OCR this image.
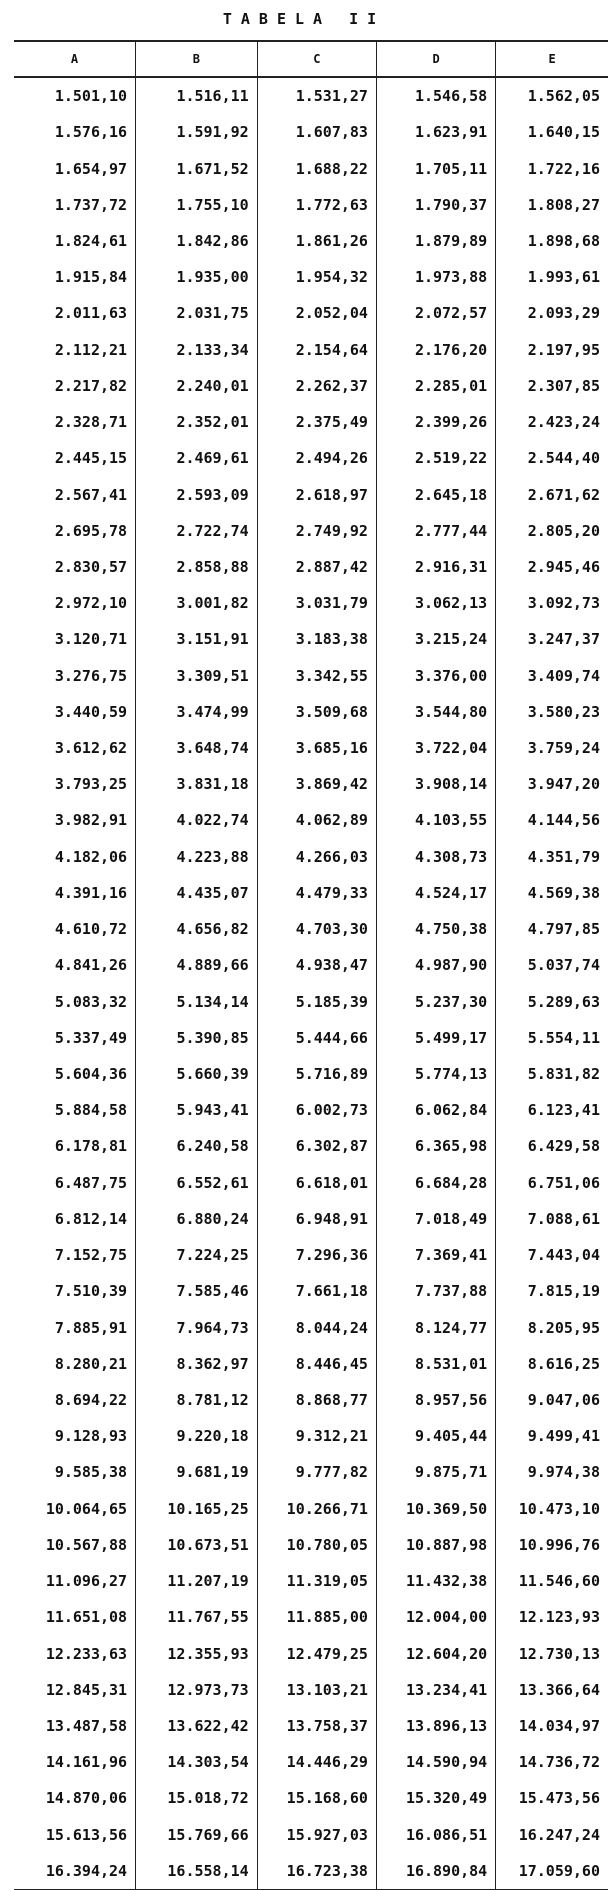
TABELA II
A	B	C	D	E
1.501,10	1.516,11	1.531,27	1.546,58	1.562,05
1.576,16	1.591,92	1.607,83	1.623,91	1.640,15
1.654,97	1.671,52	1.688,22	1.705,11	1.722,16
1.737,72	1.755,10	1.772,63	1.790,37	1.808,27
1.824,61	1.842,86	1.861,26	1.879,89	1.898,68
1.915,84	1.935,00	1.954,32	1.973,88	1.993,61
2.011,63	2.031,75	2.052,04	2.072,57	2.093,29
2.112,21	2.133,34	2.154,64	2.176,20	2.197,95
2.217,82	2.240,01	2.262,37	2.285,01	2.307,85
2.328,71	2.352,01	2.375,49	2.399,26	2.423,24
2.445,15	2.469,61	2.494,26	2.519,22	2.544,40
2.567,41	2.593,09	2.618,97	2.645,18	2.671,62
2.695,78	2.722,74	2.749,92	2.777,44	2.805,20
2.830,57	2.858,88	2.887,42	2.916,31	2.945,46
2.972,10	3.001,82	3.031,79	3.062,13	3.092,73
3.120,71	3.151,91	3.183,38	3.215,24	3.247,37
3.276,75	3.309,51	3.342,55	3.376,00	3.409,74
3.440,59	3.474,99	3.509,68	3.544,80	3.580,23
3.612,62	3.648,74	3.685,16	3.722,04	3.759,24
3.793,25	3.831,18	3.869,42	3.908,14	3.947,20
3.982,91	4.022,74	4.062,89	4.103,55	4.144,56
4.182,06	4.223,88	4.266,03	4.308,73	4.351,79
4.391,16	4.435,07	4.479,33	4.524,17	4.569,38
4.610,72	4.656,82	4.703,30	4.750,38	4.797,85
4.841,26	4.889,66	4.938,47	4.987,90	5.037,74
5.083,32	5.134,14	5.185,39	5.237,30	5.289,63
5.337,49	5.390,85	5.444,66	5.499,17	5.554,11
5.604,36	5.660,39	5.716,89	5.774,13	5.831,82
5.884,58	5.943,41	6.002,73	6.062,84	6.123,41
6.178,81	6.240,58	6.302,87	6.365,98	6.429,58
6.487,75	6.552,61	6.618,01	6.684,28	6.751,06
6.812,14	6.880,24	6.948,91	7.018,49	7.088,61
7.152,75	7.224,25	7.296,36	7.369,41	7.443,04
7.510,39	7.585,46	7.661,18	7.737,88	7.815,19
7.885,91	7.964,73	8.044,24	8.124,77	8.205,95
8.280,21	8.362,97	8.446,45	8.531,01	8.616,25
8.694,22	8.781,12	8.868,77	8.957,56	9.047,06
9.128,93	9.220,18	9.312,21	9.405,44	9.499,41
9.585,38	9.681,19	9.777,82	9.875,71	9.974,38
10.064,65	10.165,25	10.266,71	10.369,50	10.473,10
10.567,88	10.673,51	10.780,05	10.887,98	10.996,76
11.096,27	11.207,19	11.319,05	11.432,38	11.546,60
11.651,08	11.767,55	11.885,00	12.004,00	12.123,93
12.233,63	12.355,93	12.479,25	12.604,20	12.730,13
12.845,31	12.973,73	13.103,21	13.234,41	13.366,64
13.487,58	13.622,42	13.758,37	13.896,13	14.034,97
14.161,96	14.303,54	14.446,29	14.590,94	14.736,72
14.870,06	15.018,72	15.168,60	15.320,49	15.473,56
15.613,56	15.769,66	15.927,03	16.086,51	16.247,24
16.394,24	16.558,14	16.723,38	16.890,84	17.059,60
